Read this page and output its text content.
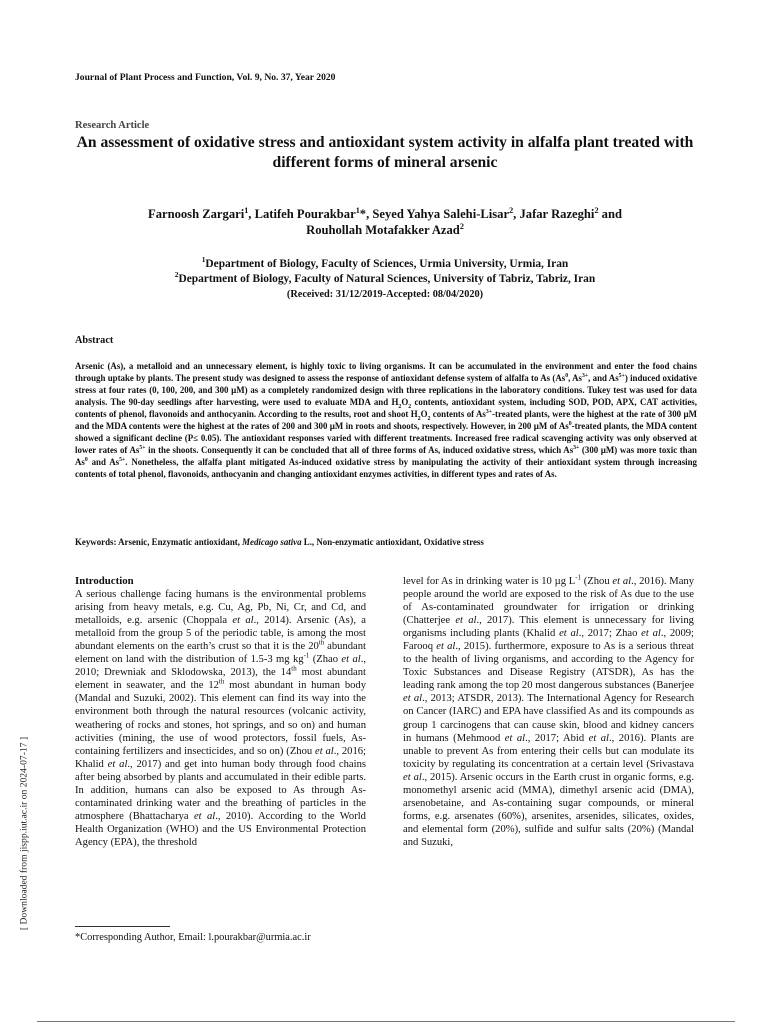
Journal of Plant Process and Function, Vol. 9, No. 37, Year 2020
Research Article
An assessment of oxidative stress and antioxidant system activity in alfalfa plant treated with different forms of mineral arsenic
Farnoosh Zargari$^1$, Latifeh Pourakbar$^1$*, Seyed Yahya Salehi-Lisar$^2$, Jafar Razeghi$^2$ and
Rouhollah Motafakker Azad$^2$
$^1$Department of Biology, Faculty of Sciences, Urmia University, Urmia, Iran
$^2$Department of Biology, Faculty of Natural Sciences, University of Tabriz, Tabriz, Iran
(Received: 31/12/2019-Accepted: 08/04/2020)
Abstract
Arsenic (As), a metalloid and an unnecessary element, is highly toxic to living organisms. It can be accumulated in the environment and enter the food chains through uptake by plants. The present study was designed to assess the response of antioxidant defense system of alfalfa to As (As$^0$, $As^{3+}$, and $As^{5+}$) induced oxidative stress at four rates (0, 100, 200, and 300 µM) as a completely randomized design with three replications in the laboratory conditions. Tukey test was used for data analysis. The 90-day seedlings after harvesting, were used to evaluate MDA and $H_2O_2$ contents, antioxidant system, including SOD, POD, APX, CAT activities, contents of phenol, flavonoids and anthocyanin. According to the results, root and shoot $H_2O_2$ contents of $As^{3+}$-treated plants, were the highest at the rate of 300 µM and the MDA contents were the highest at the rates of 200 and 300 µM in roots and shoots, respectively. However, in 200 µM of As$^0$-treated plants, the MDA content showed a significant decline (P≤ 0.05). The antioxidant responses varied with different treatments. Increased free radical scavenging activity was only observed at lower rates of $As^{5+}$ in the shoots. Consequently it can be concluded that all of three forms of As, induced oxidative stress, which $As^{3+}$ (300 µM) was more toxic than As$^0$ and $As^{5+}$. Nonetheless, the alfalfa plant mitigated As-induced oxidative stress by manipulating the activity of their antioxidant system through increasing contents of total phenol, flavonoids, anthocyanin and changing antioxidant enzymes activities, in different types and rates of As.
Keywords: Arsenic, Enzymatic antioxidant, Medicago sativa L., Non-enzymatic antioxidant, Oxidative stress
Introduction
A serious challenge facing humans is the environmental problems arising from heavy metals, e.g. Cu, Ag, Pb, Ni, Cr, and Cd, and metalloids, e.g. arsenic (Choppala et al., 2014). Arsenic (As), a metalloid from the group 5 of the periodic table, is among the most abundant elements on the earth’s crust so that it is the 20th abundant element on land with the distribution of 1.5-3 mg $kg^{-1}$ (Zhao et al., 2010; Drewniak and Sklodowska, 2013), the 14th most abundant element in seawater, and the 12th most abundant in human body (Mandal and Suzuki, 2002). This element can find its way into the environment both through the natural resources (volcanic activity, weathering of rocks and stones, hot springs, and so on) and human activities (mining, the use of wood protectors, fossil fuels, As-containing fertilizers and insecticides, and so on) (Zhou et al., 2016; Khalid et al., 2017) and get into human body through food chains after being absorbed by plants and accumulated in their edible parts. In addition, humans can also be exposed to As through As-contaminated drinking water and the breathing of particles in the atmosphere (Bhattacharya et al., 2010). According to the World Health Organization (WHO) and the US Environmental Protection Agency (EPA), the threshold
level for As in drinking water is 10 µg $L^{-1}$ (Zhou et al., 2016). Many people around the world are exposed to the risk of As due to the use of As-contaminated groundwater for irrigation or drinking (Chatterjee et al., 2017). This element is unnecessary for living organisms including plants (Khalid et al., 2017; Zhao et al., 2009; Farooq et al., 2015). furthermore, exposure to As is a serious threat to the health of living organisms, and according to the Agency for Toxic Substances and Disease Registry (ATSDR), As has the leading rank among the top 20 most dangerous substances (Banerjee et al., 2013; ATSDR, 2013). The International Agency for Research on Cancer (IARC) and EPA have classified As and its compounds as group 1 carcinogens that can cause skin, blood and kidney cancers in humans (Mehmood et al., 2017; Abid et al., 2016). Plants are unable to prevent As from entering their cells but can modulate its toxicity by regulating its concentration at a certain level (Srivastava et al., 2015). Arsenic occurs in the Earth crust in organic forms, e.g. monomethyl arsenic acid (MMA), dimethyl arsenic acid (DMA), arsenobetaine, and As-containing sugar compounds, or mineral forms, e.g. arsenates (60%), arsenites, arsenides, silicates, oxides, and elemental form (20%), sulfide and sulfur salts (20%) (Mandal and Suzuki,
*Corresponding Author, Email: l.pourakbar@urmia.ac.ir
[ Downloaded from jispp.iut.ac.ir on 2024-07-17 ]
